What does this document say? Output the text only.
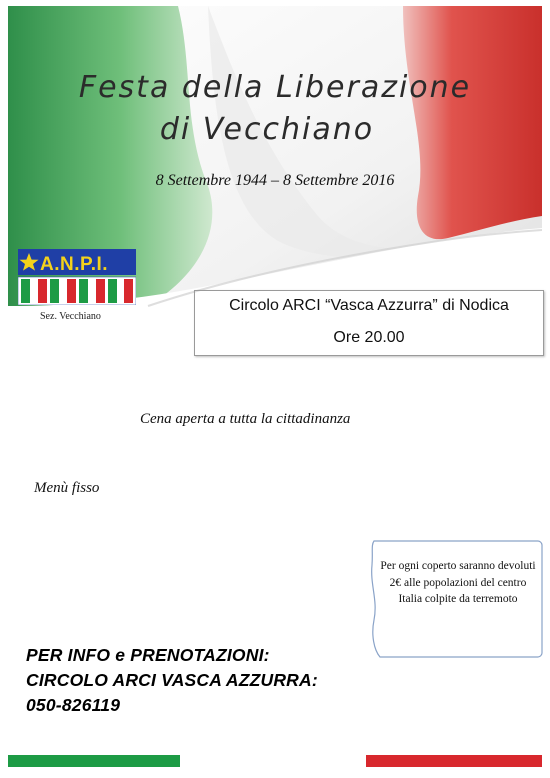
Festa della Liberazione
di Vecchiano
8 Settembre 1944 – 8 Settembre 2016
A.N.P.I.
Sez. Vecchiano
Circolo ARCI “Vasca Azzurra” di Nodica
Ore 20.00
Cena aperta a tutta la cittadinanza
Menù fisso
Per ogni coperto saranno devoluti 2€ alle popolazioni del centro Italia colpite da terremoto
PER INFO e PRENOTAZIONI:
CIRCOLO ARCI VASCA AZZURRA:
050-826119
